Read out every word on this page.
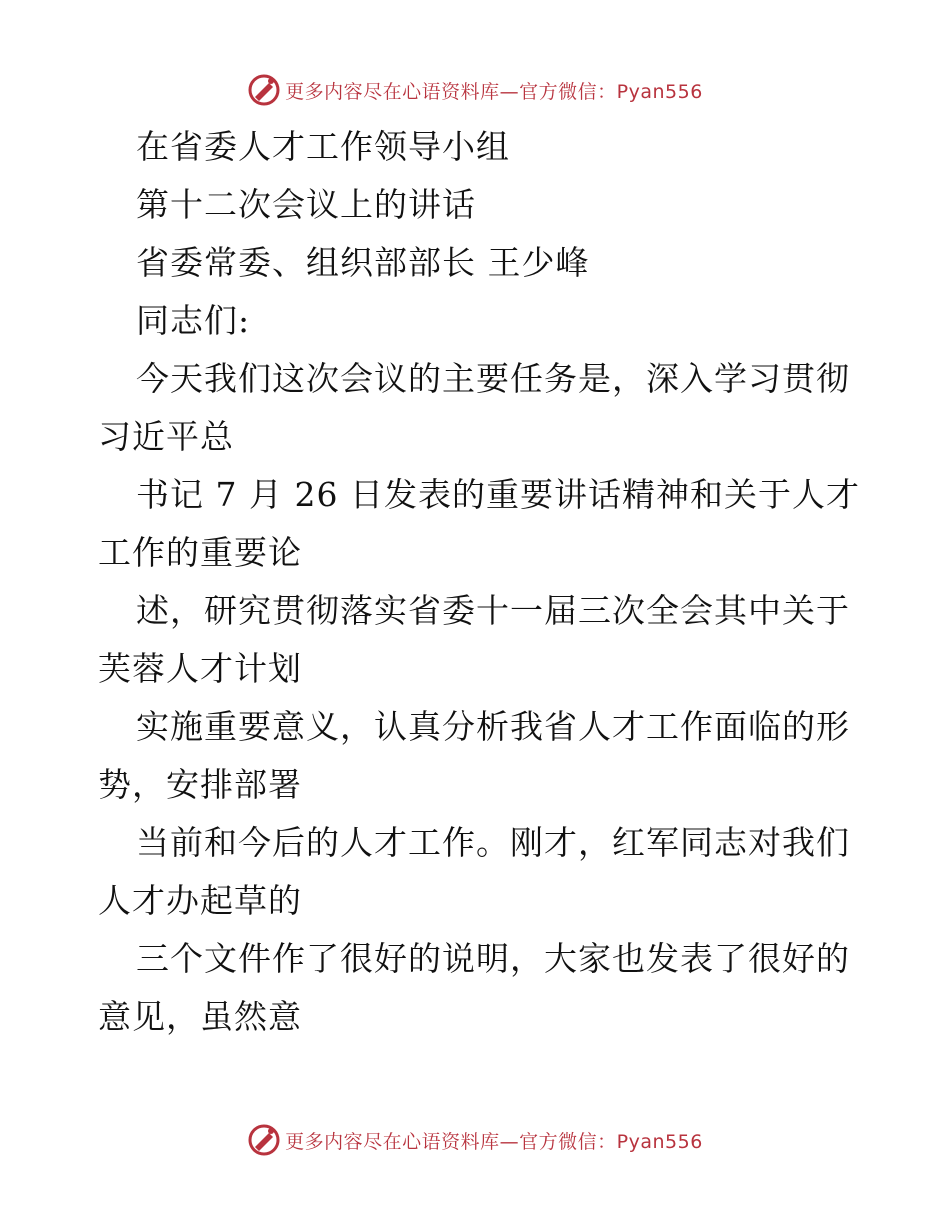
更多内容尽在心语资料库—官方微信：Pyan556

在省委人才工作领导小组

第十二次会议上的讲话

省委常委、组织部部长 王少峰

同志们:

今天我们这次会议的主要任务是，深入学习贯彻

习近平总

书记 7 月 26 日发表的重要讲话精神和关于人才

工作的重要论

述，研究贯彻落实省委十一届三次全会其中关于

芙蓉人才计划

实施重要意义，认真分析我省人才工作面临的形

势，安排部署

当前和今后的人才工作。刚才，红军同志对我们

人才办起草的

三个文件作了很好的说明，大家也发表了很好的

意见，虽然意

更多内容尽在心语资料库—官方微信：Pyan556
